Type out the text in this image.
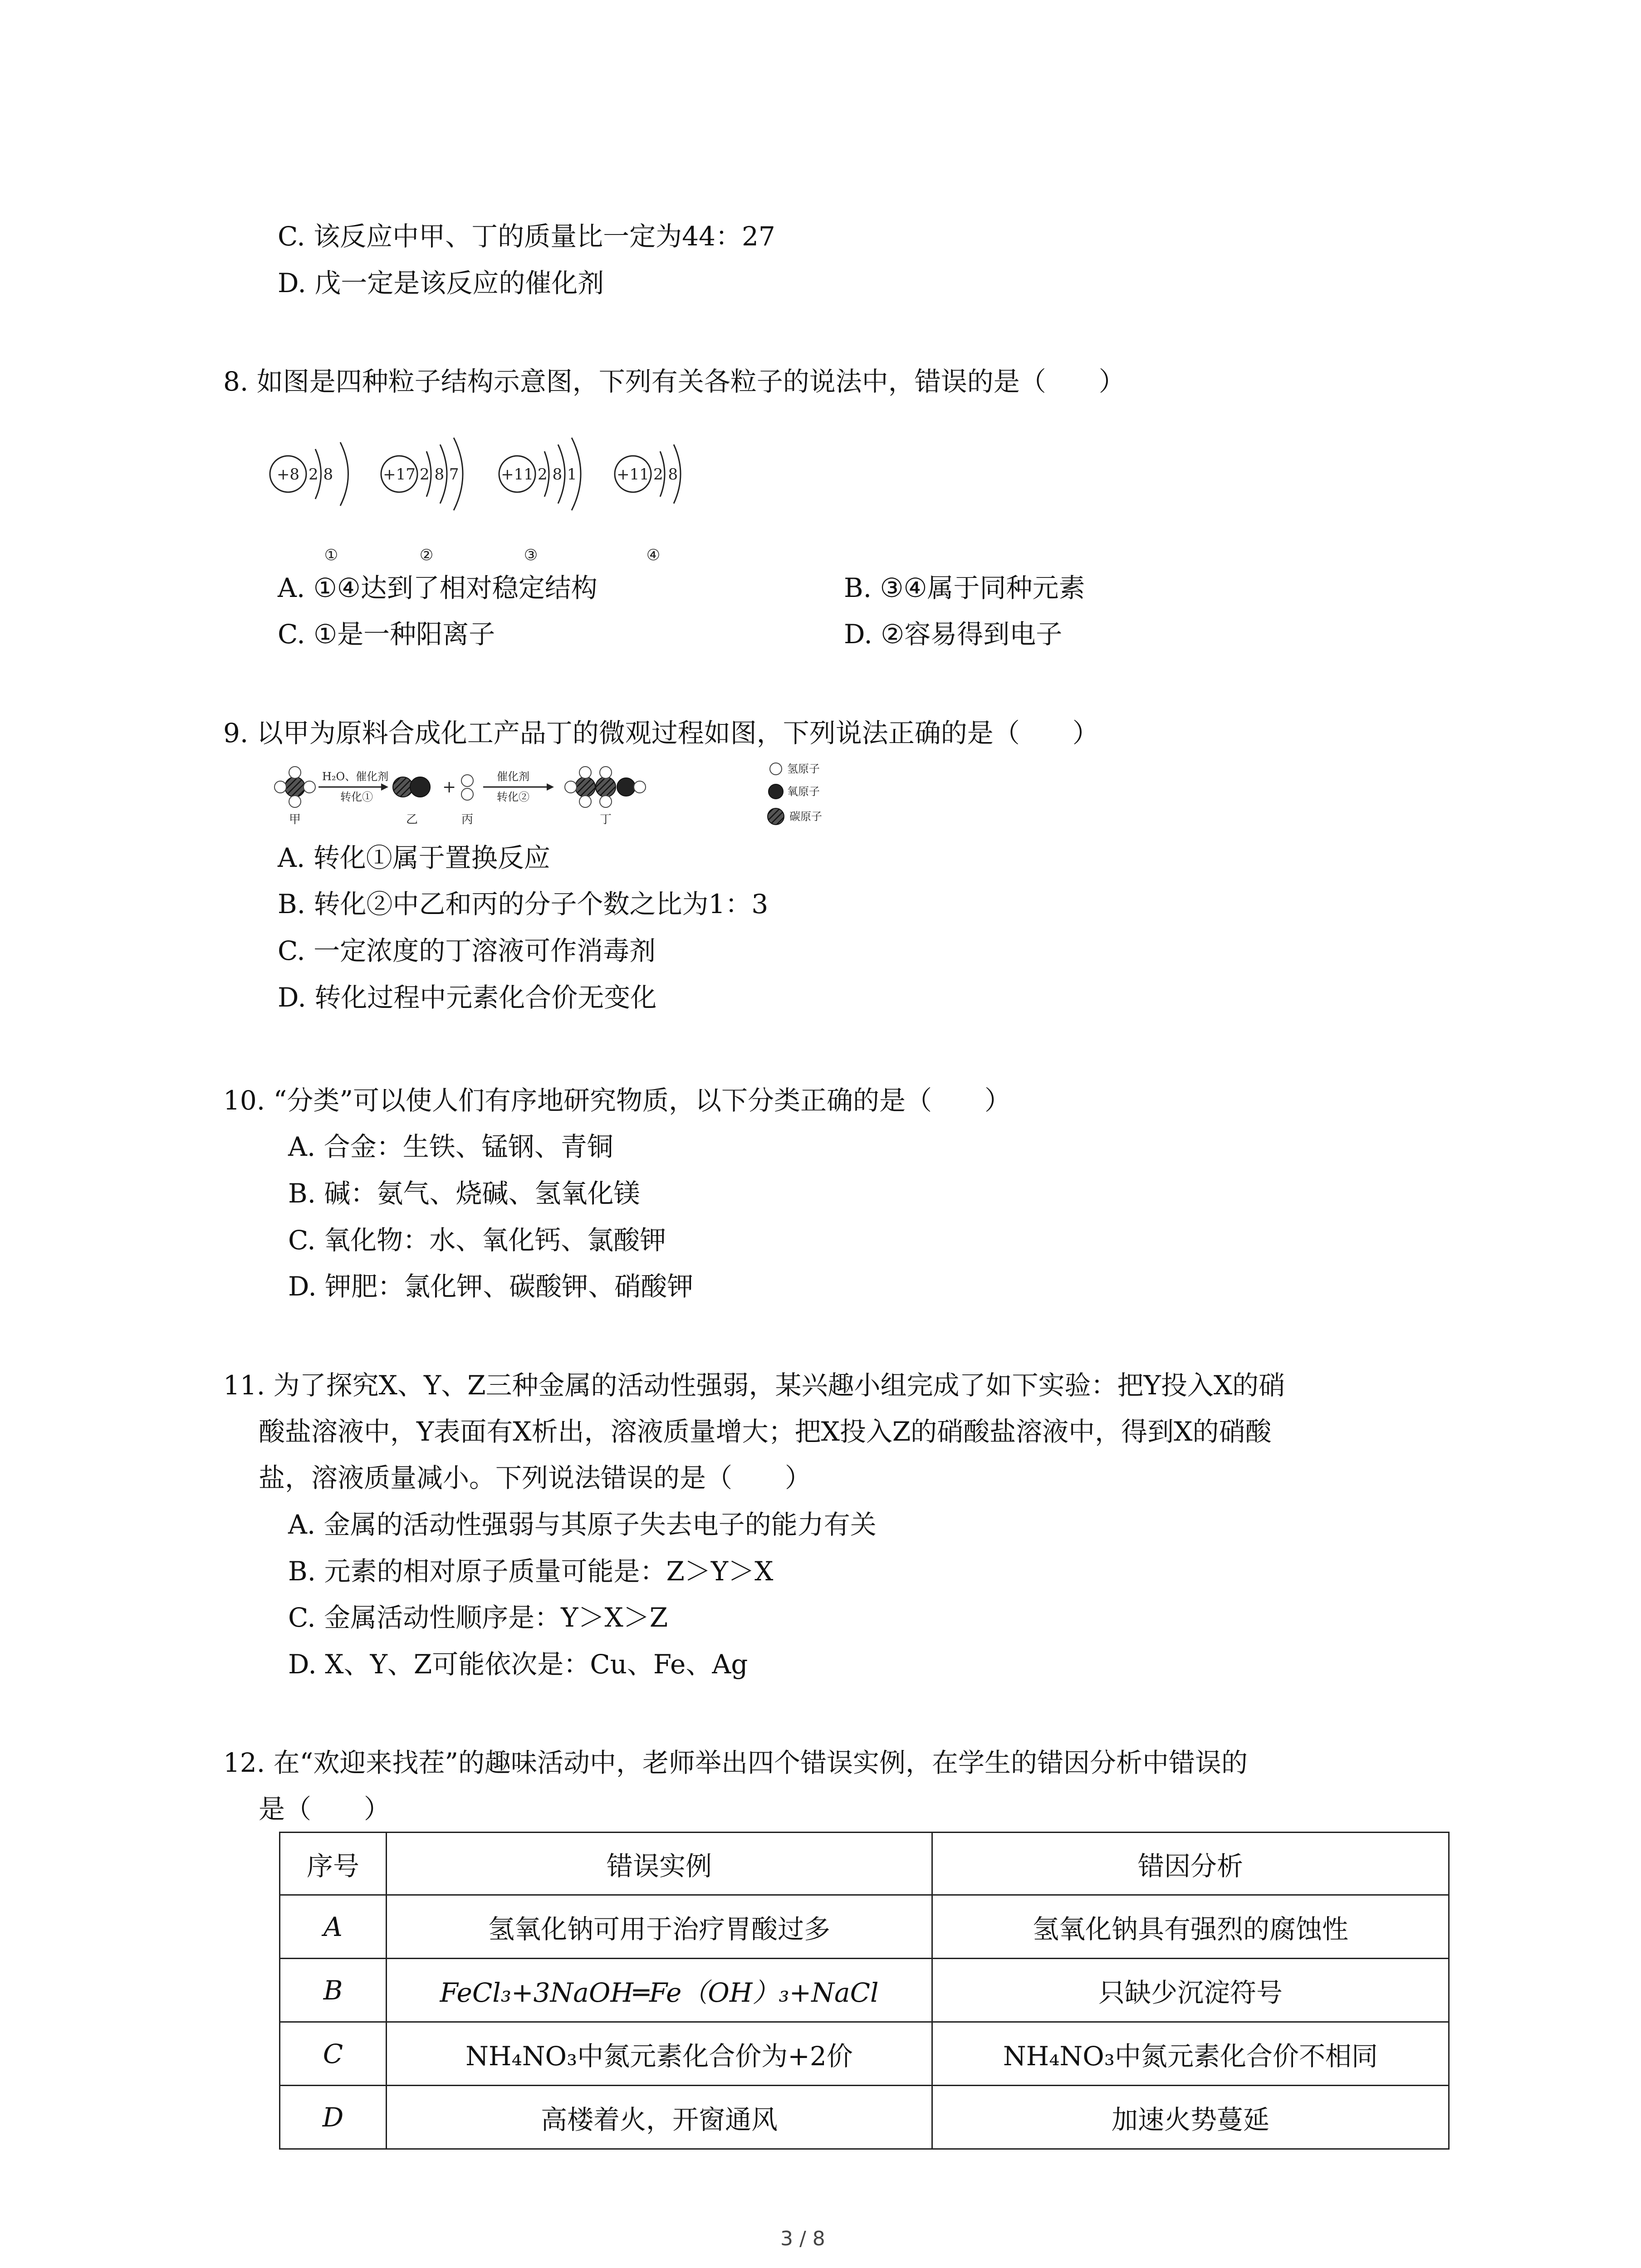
C. 该反应中甲、丁的质量比一定为44：27
D. 戊一定是该反应的催化剂
8. 如图是四种粒子结构示意图，下列有关各粒子的说法中，错误的是（　　）
+8 2 8
①
+17 2 8 7
②
+11 2 8 1
③
+11 2 8
④
A. ①④达到了相对稳定结构	B. ③④属于同种元素
C. ①是一种阳离子	D. ②容易得到电子
9. 以甲为原料合成化工产品丁的微观过程如图，下列说法正确的是（　　）
甲
H₂O、催化剂
转化①
乙
+
丙
催化剂
转化②
丁
氢原子
氧原子
碳原子
A. 转化①属于置换反应
B. 转化②中乙和丙的分子个数之比为1：3
C. 一定浓度的丁溶液可作消毒剂
D. 转化过程中元素化合价无变化
10. “分类”可以使人们有序地研究物质，以下分类正确的是（　　）
A. 合金：生铁、锰钢、青铜
B. 碱：氨气、烧碱、氢氧化镁
C. 氧化物：水、氧化钙、氯酸钾
D. 钾肥：氯化钾、碳酸钾、硝酸钾
11. 为了探究X、Y、Z三种金属的活动性强弱，某兴趣小组完成了如下实验：把Y投入X的硝
酸盐溶液中，Y表面有X析出，溶液质量增大；把X投入Z的硝酸盐溶液中，得到X的硝酸
盐，溶液质量减小。下列说法错误的是（　　）
A. 金属的活动性强弱与其原子失去电子的能力有关
B. 元素的相对原子质量可能是：Z＞Y＞X
C. 金属活动性顺序是：Y＞X＞Z
D. X、Y、Z可能依次是：Cu、Fe、Ag
12. 在“欢迎来找茬”的趣味活动中，老师举出四个错误实例，在学生的错因分析中错误的
是（　　）
序号	错误实例	错因分析
A	氢氧化钠可用于治疗胃酸过多	氢氧化钠具有强烈的腐蚀性
B	FeCl₃+3NaOH═Fe（OH）₃+NaCl	只缺少沉淀符号
C	NH₄NO₃中氮元素化合价为+2价	NH₄NO₃中氮元素化合价不相同
D	高楼着火，开窗通风	加速火势蔓延
3 / 8
